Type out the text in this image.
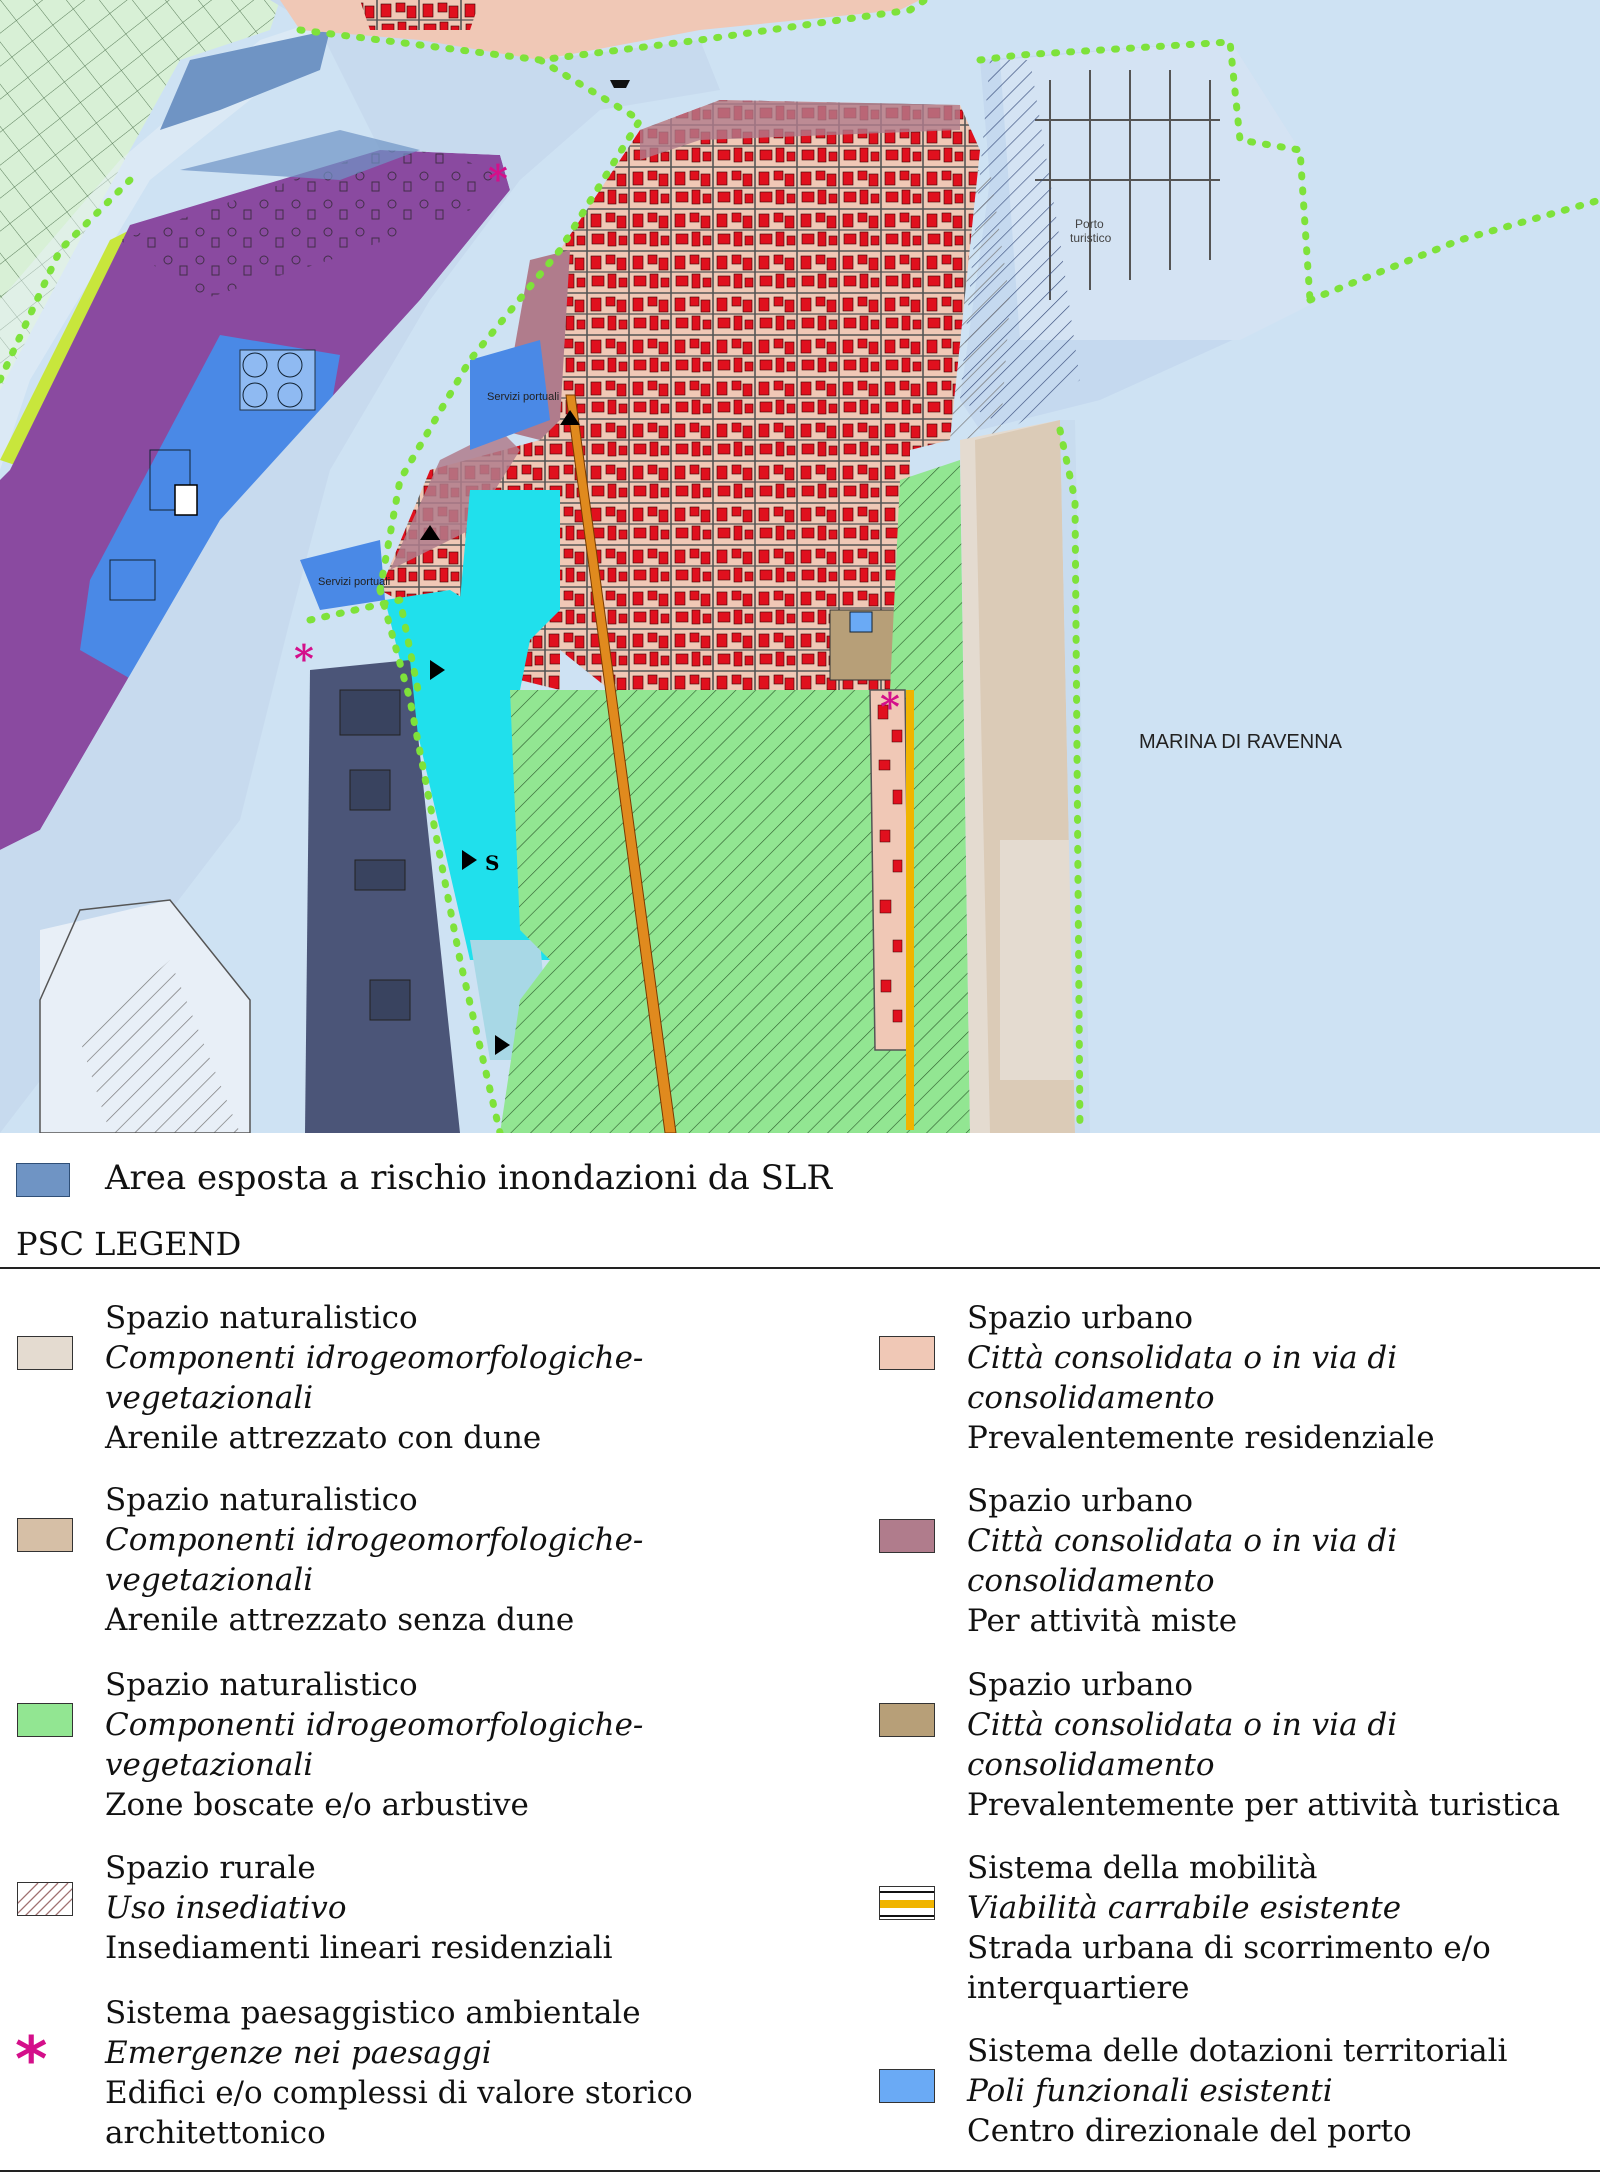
S
MARINA DI RAVENNA
Porto
turistico
Servizi portuali
Servizi portuali
*
*
*
Area esposta a rischio inondazioni da SLR
PSC LEGEND
Spazio naturalistico
Componenti idrogeomorfologiche-
vegetazionali
Arenile attrezzato con dune
Spazio naturalistico
Componenti idrogeomorfologiche-
vegetazionali
Arenile attrezzato senza dune
Spazio naturalistico
Componenti idrogeomorfologiche-
vegetazionali
Zone boscate e/o arbustive
Spazio rurale
Uso insediativo
Insediamenti lineari residenziali
*
Sistema paesaggistico ambientale
Emergenze nei paesaggi
Edifici e/o complessi di valore storico
architettonico
Spazio urbano
Città consolidata o in via di
consolidamento
Prevalentemente residenziale
Spazio urbano
Città consolidata o in via di
consolidamento
Per attività miste
Spazio urbano
Città consolidata o in via di
consolidamento
Prevalentemente per attività turistica
Sistema della mobilità
Viabilità carrabile esistente
Strada urbana di scorrimento e/o
interquartiere
Sistema delle dotazioni territoriali
Poli funzionali esistenti
Centro direzionale del porto
